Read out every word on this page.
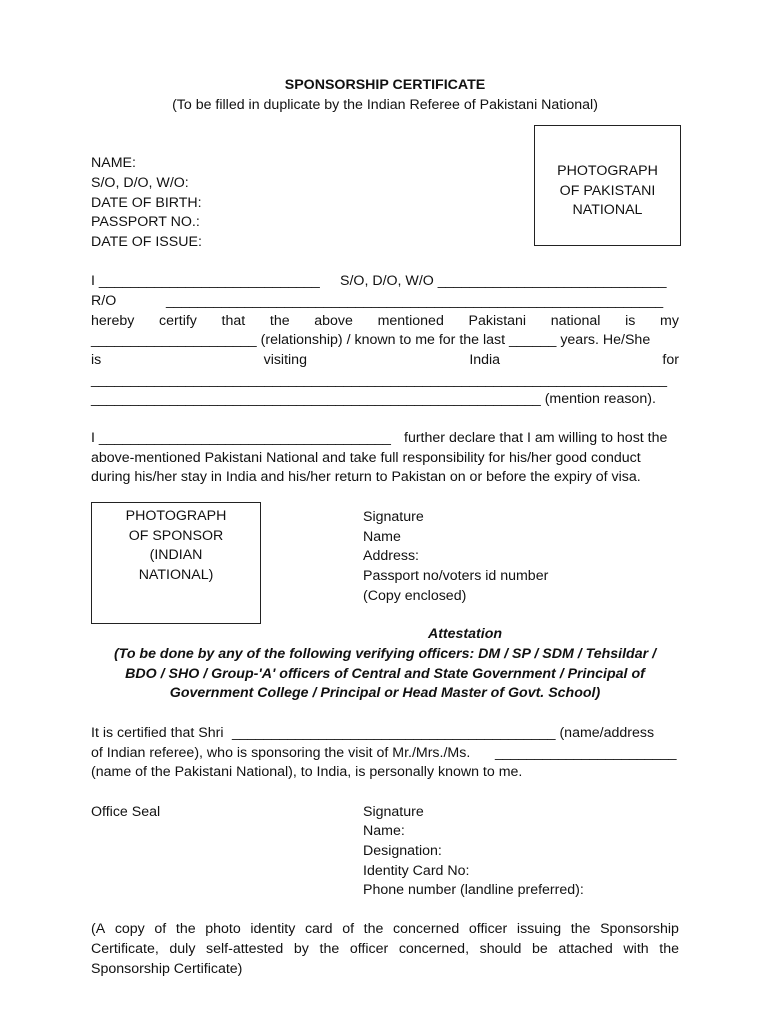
SPONSORSHIP CERTIFICATE
(To be filled in duplicate by the Indian Referee of Pakistani National)
NAME:
S/O, D/O, W/O:
DATE OF BIRTH:
PASSPORT NO.:
DATE OF ISSUE:
PHOTOGRAPH
OF PAKISTANI
NATIONAL
I ____________________________ S/O, D/O, W/O _____________________________
R/O	_______________________________________________________________
hereby certify that the above mentioned Pakistani national is my
_____________________ (relationship) / known to me for the last ______ years. He/She
is	visiting	India	for
_________________________________________________________________________
_________________________________________________________ (mention reason).
I _____________________________________ further declare that I am willing to host the
above-mentioned Pakistani National and take full responsibility for his/her good conduct
during his/her stay in India and his/her return to Pakistan on or before the expiry of visa.
PHOTOGRAPH
OF SPONSOR
(INDIAN
NATIONAL)
Signature
Name
Address:
Passport no/voters id number
(Copy enclosed)
Attestation
(To be done by any of the following verifying officers: DM / SP / SDM / Tehsildar /
BDO / SHO / Group-'A' officers of Central and State Government / Principal of
Government College / Principal or Head Master of Govt. School)
It is certified that Shri _________________________________________ (name/address
of Indian referee), who is sponsoring the visit of Mr./Mrs./Ms. _______________________
(name of the Pakistani National), to India, is personally known to me.
Office Seal	Signature
Name:
Designation:
Identity Card No:
Phone number (landline preferred):
(A copy of the photo identity card of the concerned officer issuing the Sponsorship
Certificate, duly self-attested by the officer concerned, should be attached with the
Sponsorship Certificate)
